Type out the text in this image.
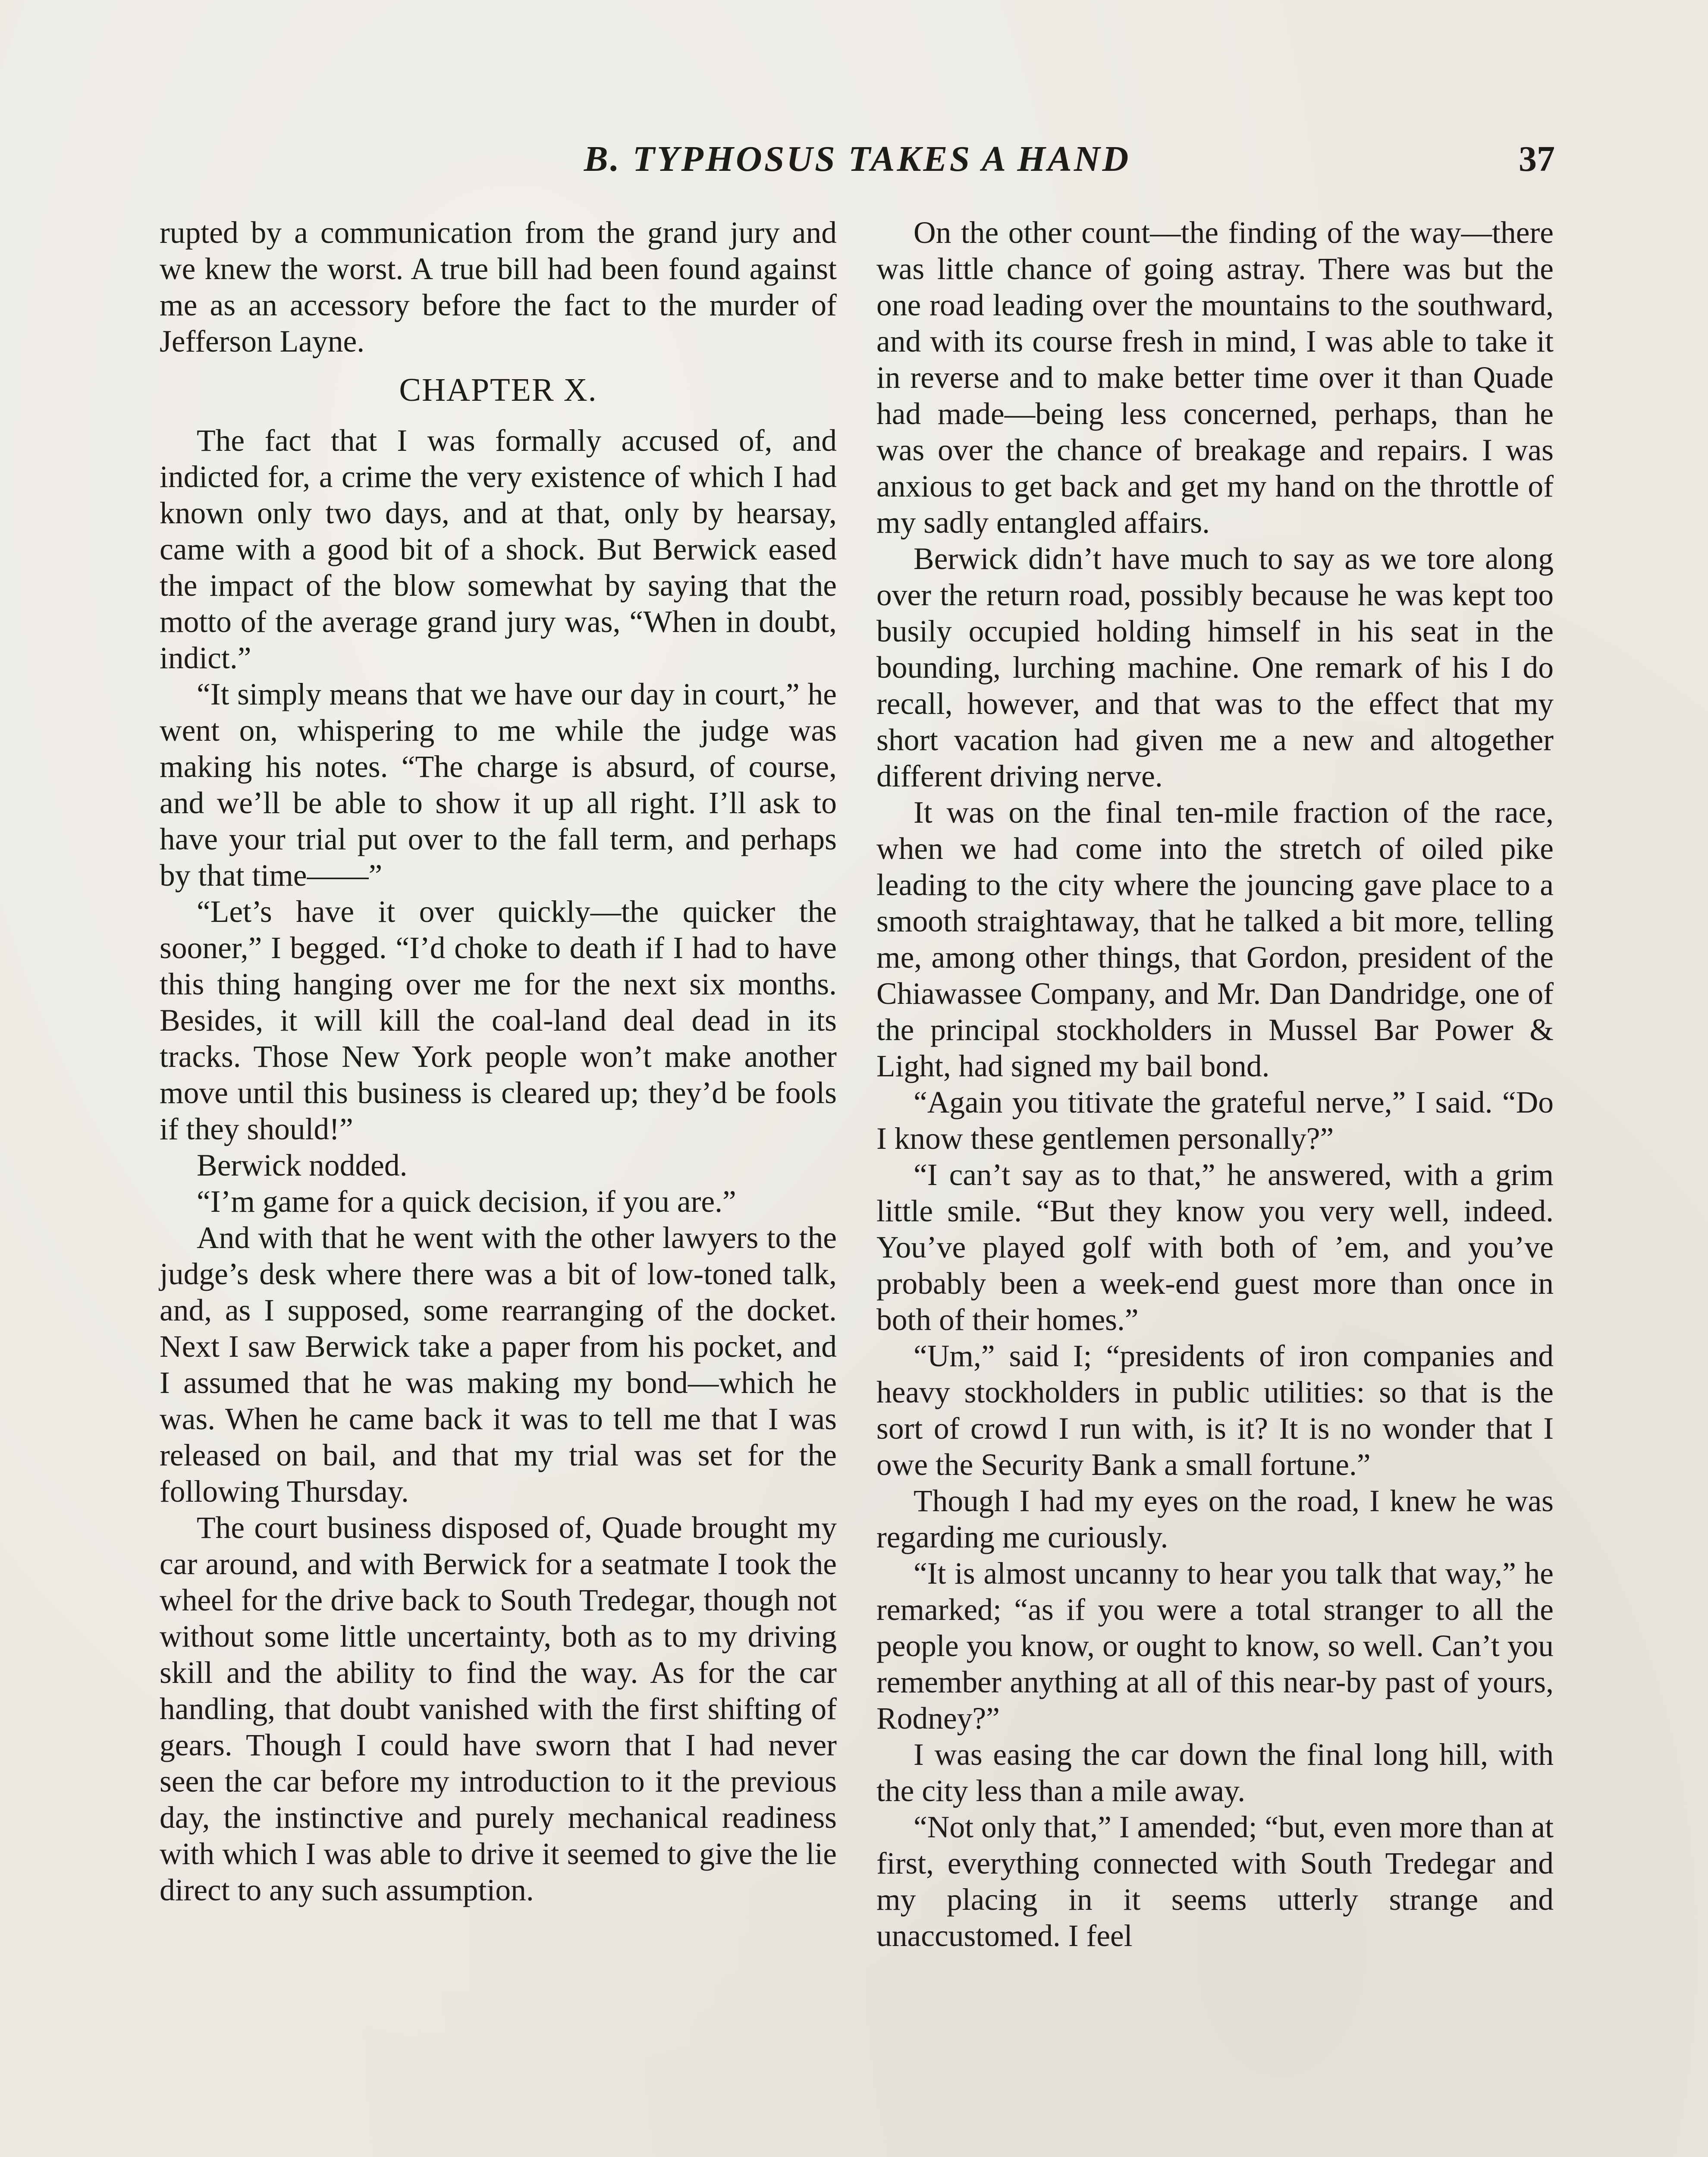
B. TYPHOSUS TAKES A HAND	37

rupted by a communication from the grand jury and we knew the worst. A true bill had been found against me as an accessory before the fact to the murder of Jefferson Layne.

CHAPTER X.

The fact that I was formally accused of, and indicted for, a crime the very existence of which I had known only two days, and at that, only by hearsay, came with a good bit of a shock. But Berwick eased the impact of the blow somewhat by saying that the motto of the average grand jury was, “When in doubt, indict.”

“It simply means that we have our day in court,” he went on, whispering to me while the judge was making his notes. “The charge is absurd, of course, and we’ll be able to show it up all right. I’ll ask to have your trial put over to the fall term, and perhaps by that time——”

“Let’s have it over quickly—the quicker the sooner,” I begged. “I’d choke to death if I had to have this thing hanging over me for the next six months. Besides, it will kill the coal-land deal dead in its tracks. Those New York people won’t make another move until this business is cleared up; they’d be fools if they should!”

Berwick nodded.

“I’m game for a quick decision, if you are.”

And with that he went with the other lawyers to the judge’s desk where there was a bit of low-toned talk, and, as I supposed, some rearranging of the docket. Next I saw Berwick take a paper from his pocket, and I assumed that he was making my bond—which he was. When he came back it was to tell me that I was released on bail, and that my trial was set for the following Thursday.

The court business disposed of, Quade brought my car around, and with Berwick for a seatmate I took the wheel for the drive back to South Tredegar, though not without some little uncertainty, both as to my driving skill and the ability to find the way. As for the car handling, that doubt vanished with the first shifting of gears. Though I could have sworn that I had never seen the car before my introduction to it the previous day, the instinctive and purely mechanical readiness with which I was able to drive it seemed to give the lie direct to any such assumption.

On the other count—the finding of the way—there was little chance of going astray. There was but the one road leading over the mountains to the southward, and with its course fresh in mind, I was able to take it in reverse and to make better time over it than Quade had made—being less concerned, perhaps, than he was over the chance of breakage and repairs. I was anxious to get back and get my hand on the throttle of my sadly entangled affairs.

Berwick didn’t have much to say as we tore along over the return road, possibly because he was kept too busily occupied holding himself in his seat in the bounding, lurching machine. One remark of his I do recall, however, and that was to the effect that my short vacation had given me a new and altogether different driving nerve.

It was on the final ten-mile fraction of the race, when we had come into the stretch of oiled pike leading to the city where the jouncing gave place to a smooth straightaway, that he talked a bit more, telling me, among other things, that Gordon, president of the Chiawassee Company, and Mr. Dan Dandridge, one of the principal stockholders in Mussel Bar Power & Light, had signed my bail bond.

“Again you titivate the grateful nerve,” I said. “Do I know these gentlemen personally?”

“I can’t say as to that,” he answered, with a grim little smile. “But they know you very well, indeed. You’ve played golf with both of ’em, and you’ve probably been a week-end guest more than once in both of their homes.”

“Um,” said I; “presidents of iron companies and heavy stockholders in public utilities: so that is the sort of crowd I run with, is it? It is no wonder that I owe the Security Bank a small fortune.”

Though I had my eyes on the road, I knew he was regarding me curiously.

“It is almost uncanny to hear you talk that way,” he remarked; “as if you were a total stranger to all the people you know, or ought to know, so well. Can’t you remember anything at all of this near-by past of yours, Rodney?”

I was easing the car down the final long hill, with the city less than a mile away.

“Not only that,” I amended; “but, even more than at first, everything connected with South Tredegar and my placing in it seems utterly strange and unaccustomed. I feel
